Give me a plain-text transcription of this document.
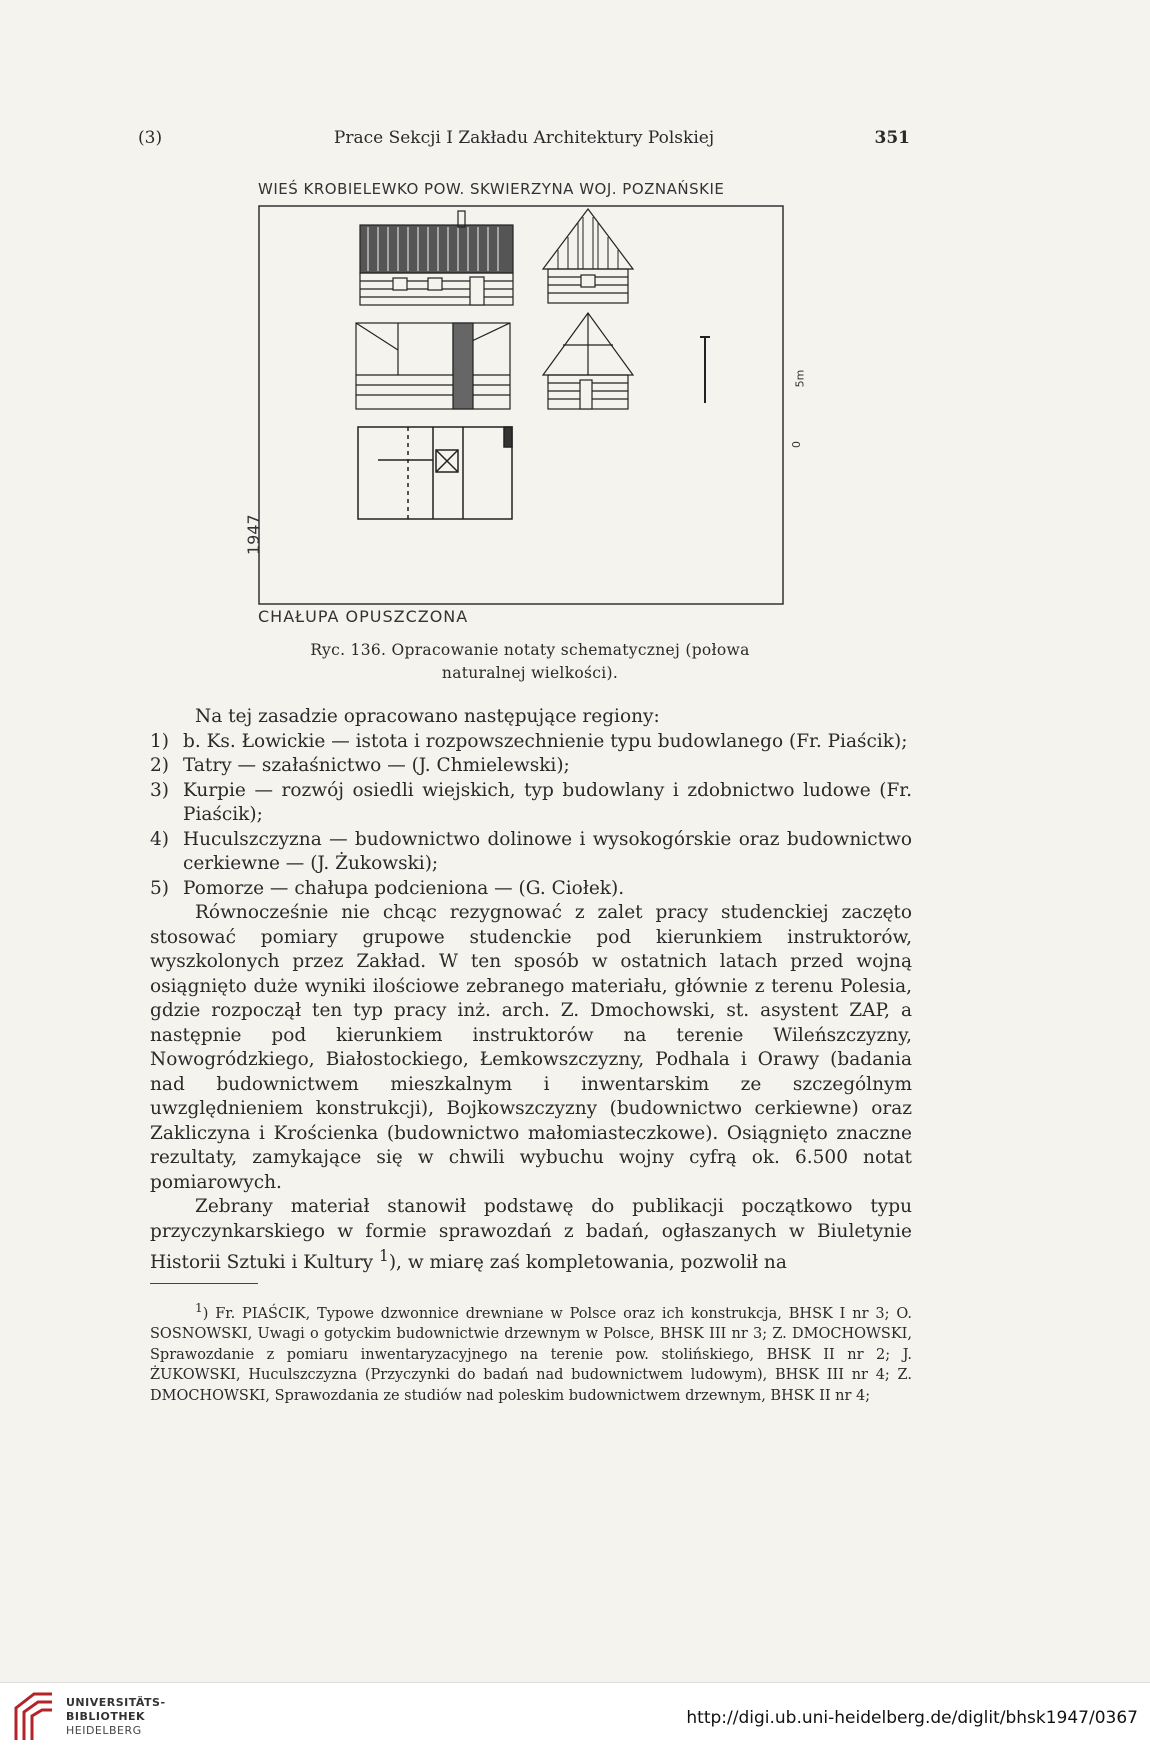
(3)	Prace Sekcji I Zakładu Architektury Polskiej	351
WIEŚ KROBIELEWKO POW. SKWIERZYNA WOJ. POZNAŃSKIE
5m
0
1947
CHAŁUPA OPUSZCZONA
Ryc. 136. Opracowanie notaty schematycznej (połowa
naturalnej wielkości).

Na tej zasadzie opracowano następujące regiony:

1) b. Ks. Łowickie — istota i rozpowszechnienie typu budowlanego (Fr. Piaścik);

2) Tatry — szałaśnictwo — (J. Chmielewski);

3) Kurpie — rozwój osiedli wiejskich, typ budowlany i zdobnictwo ludowe (Fr. Piaścik);

4) Huculszczyzna — budownictwo dolinowe i wysokogórskie oraz budownictwo cerkiewne — (J. Żukowski);

5) Pomorze — chałupa podcieniona — (G. Ciołek).

Równocześnie nie chcąc rezygnować z zalet pracy studenckiej zaczęto stosować pomiary grupowe studenckie pod kierunkiem instruktorów, wyszkolonych przez Zakład. W ten sposób w ostatnich latach przed wojną osiągnięto duże wyniki ilościowe zebranego materiału, głównie z terenu Polesia, gdzie rozpoczął ten typ pracy inż. arch. Z. Dmochowski, st. asystent ZAP, a następnie pod kierunkiem instruktorów na terenie Wileńszczyzny, Nowogródzkiego, Białostockiego, Łemkowszczyzny, Podhala i Orawy (badania nad budownictwem mieszkalnym i inwentarskim ze szczególnym uwzględnieniem konstrukcji), Bojkowszczyzny (budownictwo cerkiewne) oraz Zakliczyna i Krościenka (budownictwo małomiasteczkowe). Osiągnięto znaczne rezultaty, zamykające się w chwili wybuchu wojny cyfrą ok. 6.500 notat pomiarowych.

Zebrany materiał stanowił podstawę do publikacji początkowo typu przyczynkarskiego w formie sprawozdań z badań, ogłaszanych w Biuletynie Historii Sztuki i Kultury $^1$), w miarę zaś kompletowania, pozwolił na

$^1$) Fr. PIAŚCIK, Typowe dzwonnice drewniane w Polsce oraz ich konstrukcja, BHSK I nr 3; O. SOSNOWSKI, Uwagi o gotyckim budownictwie drzewnym w Polsce, BHSK III nr 3; Z. DMOCHOWSKI, Sprawozdanie z pomiaru inwentaryzacyjnego na terenie pow. stolińskiego, BHSK II nr 2; J. ŻUKOWSKI, Huculszczyzna (Przyczynki do badań nad budownictwem ludowym), BHSK III nr 4; Z. DMOCHOWSKI, Sprawozdania ze studiów nad poleskim budownictwem drzewnym, BHSK II nr 4;

UNIVERSITÄTS-
BIBLIOTHEK
HEIDELBERG
http://digi.ub.uni-heidelberg.de/diglit/bhsk1947/0367
